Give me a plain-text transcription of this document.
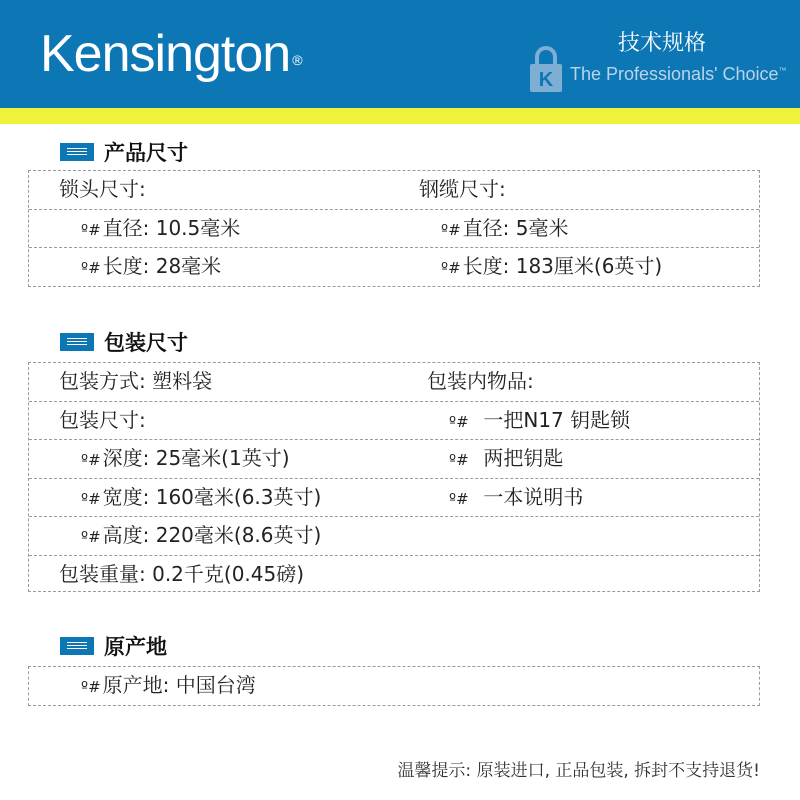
Kensington ®
技术规格
K The Professionals' Choice™
产品尺寸
锁头尺寸:	钢缆尺寸:
º# 直径: 10.5毫米	º# 直径: 5毫米
º# 长度: 28毫米	º# 长度: 183厘米(6英寸)
包装尺寸
包装方式: 塑料袋	包装内物品:
包装尺寸:	º# 一把N17 钥匙锁
º# 深度: 25毫米(1英寸)	º# 两把钥匙
º# 宽度: 160毫米(6.3英寸)	º# 一本说明书
º# 高度: 220毫米(8.6英寸)
包装重量: 0.2千克(0.45磅)
原产地
º# 原产地: 中国台湾
温馨提示: 原装进口, 正品包装, 拆封不支持退货!
